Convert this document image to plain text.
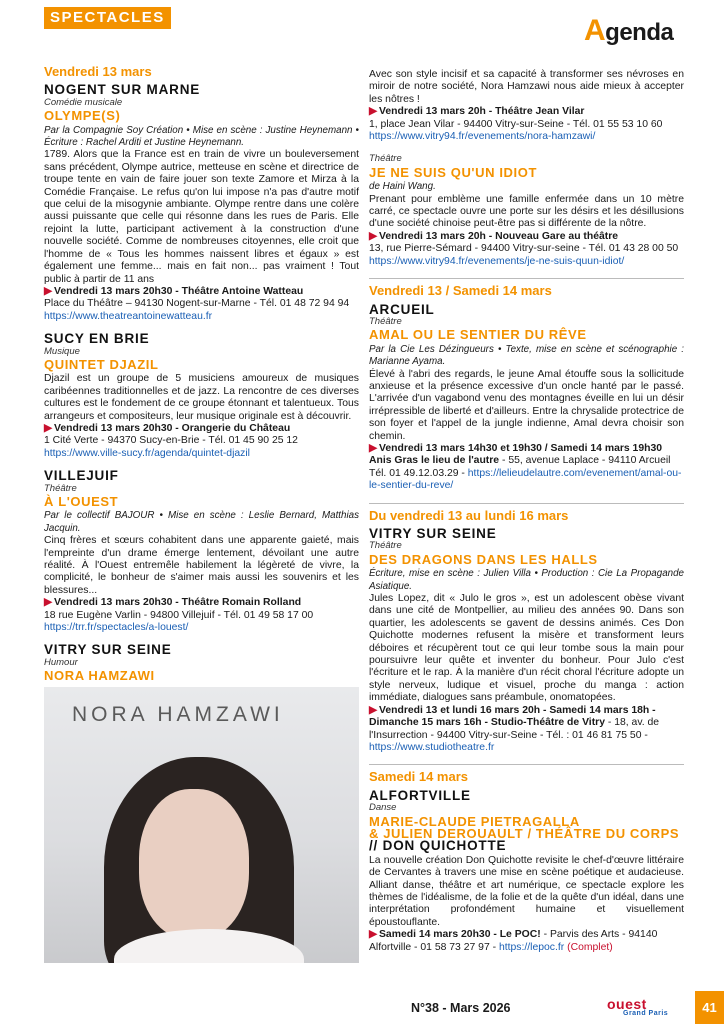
SPECTACLES	Agenda
Vendredi 13 mars
NOGENT SUR MARNE
Comédie musicale
OLYMPE(S)
Par la Compagnie Soy Création • Mise en scène : Justine Heynemann • Écriture : Rachel Arditi et Justine Heynemann.
1789. Alors que la France est en train de vivre un bouleversement sans précédent, Olympe autrice, metteuse en scène et directrice de troupe tente en vain de faire jouer son texte Zamore et Mirza à la Comédie Française. Le refus qu'on lui impose n'a pas d'autre motif que celui de la misogynie ambiante. Olympe rentre dans une colère aussi puissante que celle qui résonne dans les rues de Paris. Elle rejoint la lutte, participant activement à la construction d'une nouvelle société. Comme de nombreuses citoyennes, elle croit que l'homme de « Tous les hommes naissent libres et égaux » est également une femme... mais en fait non... pas vraiment ! Tout public à partir de 11 ans
▶ Vendredi 13 mars 20h30 - Théâtre Antoine Watteau
Place du Théâtre – 94130 Nogent-sur-Marne - Tél. 01 48 72 94 94
https://www.theatreantoinewatteau.fr
SUCY EN BRIE
Musique
QUINTET DJAZIL
Djazil est un groupe de 5 musiciens amoureux de musiques caribéennes traditionnelles et de jazz. La rencontre de ces diverses cultures est le fondement de ce groupe étonnant et talentueux. Tous arrangeurs et compositeurs, leur musique originale est à découvrir.
▶ Vendredi 13 mars 20h30 - Orangerie du Château
1 Cité Verte - 94370 Sucy-en-Brie - Tél. 01 45 90 25 12
https://www.ville-sucy.fr/agenda/quintet-djazil
VILLEJUIF
Théâtre
À L'OUEST
Par le collectif BAJOUR • Mise en scène : Leslie Bernard, Matthias Jacquin.
Cinq frères et sœurs cohabitent dans une apparente gaieté, mais l'empreinte d'un drame émerge lentement, dévoilant une autre réalité. À l'Ouest entremêle habilement la légèreté de vivre, la complicité, le bonheur de s'aimer mais aussi les souvenirs et les blessures...
▶ Vendredi 13 mars 20h30 - Théâtre Romain Rolland
18 rue Eugène Varlin - 94800 Villejuif - Tél. 01 49 58 17 00
https://trr.fr/spectacles/a-louest/
VITRY SUR SEINE
Humour
NORA HAMZAWI
NORA HAMZAWI
Avec son style incisif et sa capacité à transformer ses névroses en miroir de notre société, Nora Hamzawi nous aide mieux à accepter les nôtres !
▶ Vendredi 13 mars 20h - Théâtre Jean Vilar
1, place Jean Vilar - 94400 Vitry-sur-Seine - Tél. 01 55 53 10 60
https://www.vitry94.fr/evenements/nora-hamzawi/
Théâtre
JE NE SUIS QU'UN IDIOT
de Haini Wang.
Prenant pour emblème une famille enfermée dans un 10 mètre carré, ce spectacle ouvre une porte sur les désirs et les désillusions d'une société chinoise peut-être pas si différente de la nôtre.
▶ Vendredi 13 mars 20h - Nouveau Gare au théâtre
13, rue Pierre-Sémard - 94400 Vitry-sur-seine - Tél. 01 43 28 00 50
https://www.vitry94.fr/evenements/je-ne-suis-quun-idiot/
Vendredi 13 / Samedi 14 mars
ARCUEIL
Théâtre
AMAL OU LE SENTIER DU RÊVE
Par la Cie Les Dézingueurs • Texte, mise en scène et scénographie : Marianne Ayama.
Élevé à l'abri des regards, le jeune Amal étouffe sous la sollicitude anxieuse et la présence excessive d'un oncle hanté par le passé. L'arrivée d'un vagabond venu des montagnes éveille en lui un désir irrépressible de liberté et d'ailleurs. Entre la chrysalide protectrice de son foyer et l'appel de la jungle indienne, Amal devra choisir son chemin.
▶ Vendredi 13 mars 14h30 et 19h30 / Samedi 14 mars 19h30
Anis Gras le lieu de l'autre - 55, avenue Laplace - 94110 Arcueil
Tél. 01 49.12.03.29 - https://lelieudelautre.com/evenement/amal-ou-le-sentier-du-reve/
Du vendredi 13 au lundi 16 mars
VITRY SUR SEINE
Théâtre
DES DRAGONS DANS LES HALLS
Écriture, mise en scène : Julien Villa • Production : Cie La Propagande Asiatique.
Jules Lopez, dit « Julo le gros », est un adolescent obèse vivant dans une cité de Montpellier, au milieu des années 90. Dans son quartier, les adolescents se gavent de dessins animés. Ces Don Quichotte modernes refusent la misère et transforment leurs déboires et récupèrent tout ce qui leur tombe sous la main pour poursuivre leur quête et inventer du bonheur. Pour Julo c'est l'écriture et le rap. À la manière d'un récit choral l'écriture adopte un style nerveux, ludique et visuel, proche du manga : action immédiate, dialogues sans préambule, onomatopées.
▶ Vendredi 13 et lundi 16 mars 20h - Samedi 14 mars 18h - Dimanche 15 mars 16h - Studio-Théâtre de Vitry - 18, av. de l'Insurrection - 94400 Vitry-sur-Seine - Tél. : 01 46 81 75 50 - https://www.studiotheatre.fr
Samedi 14 mars
ALFORTVILLE
Danse
MARIE-CLAUDE PIETRAGALLA
& JULIEN DEROUAULT / THÉÂTRE DU CORPS
// DON QUICHOTTE
La nouvelle création Don Quichotte revisite le chef-d'œuvre littéraire de Cervantes à travers une mise en scène poétique et audacieuse. Alliant danse, théâtre et art numérique, ce spectacle explore les thèmes de l'idéalisme, de la folie et de la quête d'un idéal, dans une interprétation profondément humaine et visuellement époustouflante.
▶ Samedi 14 mars 20h30 - Le POC! - Parvis des Arts - 94140 Alfortville - 01 58 73 27 97 - https://lepoc.fr (Complet)
N°38 - Mars 2026	ouest
Grand Paris	41
